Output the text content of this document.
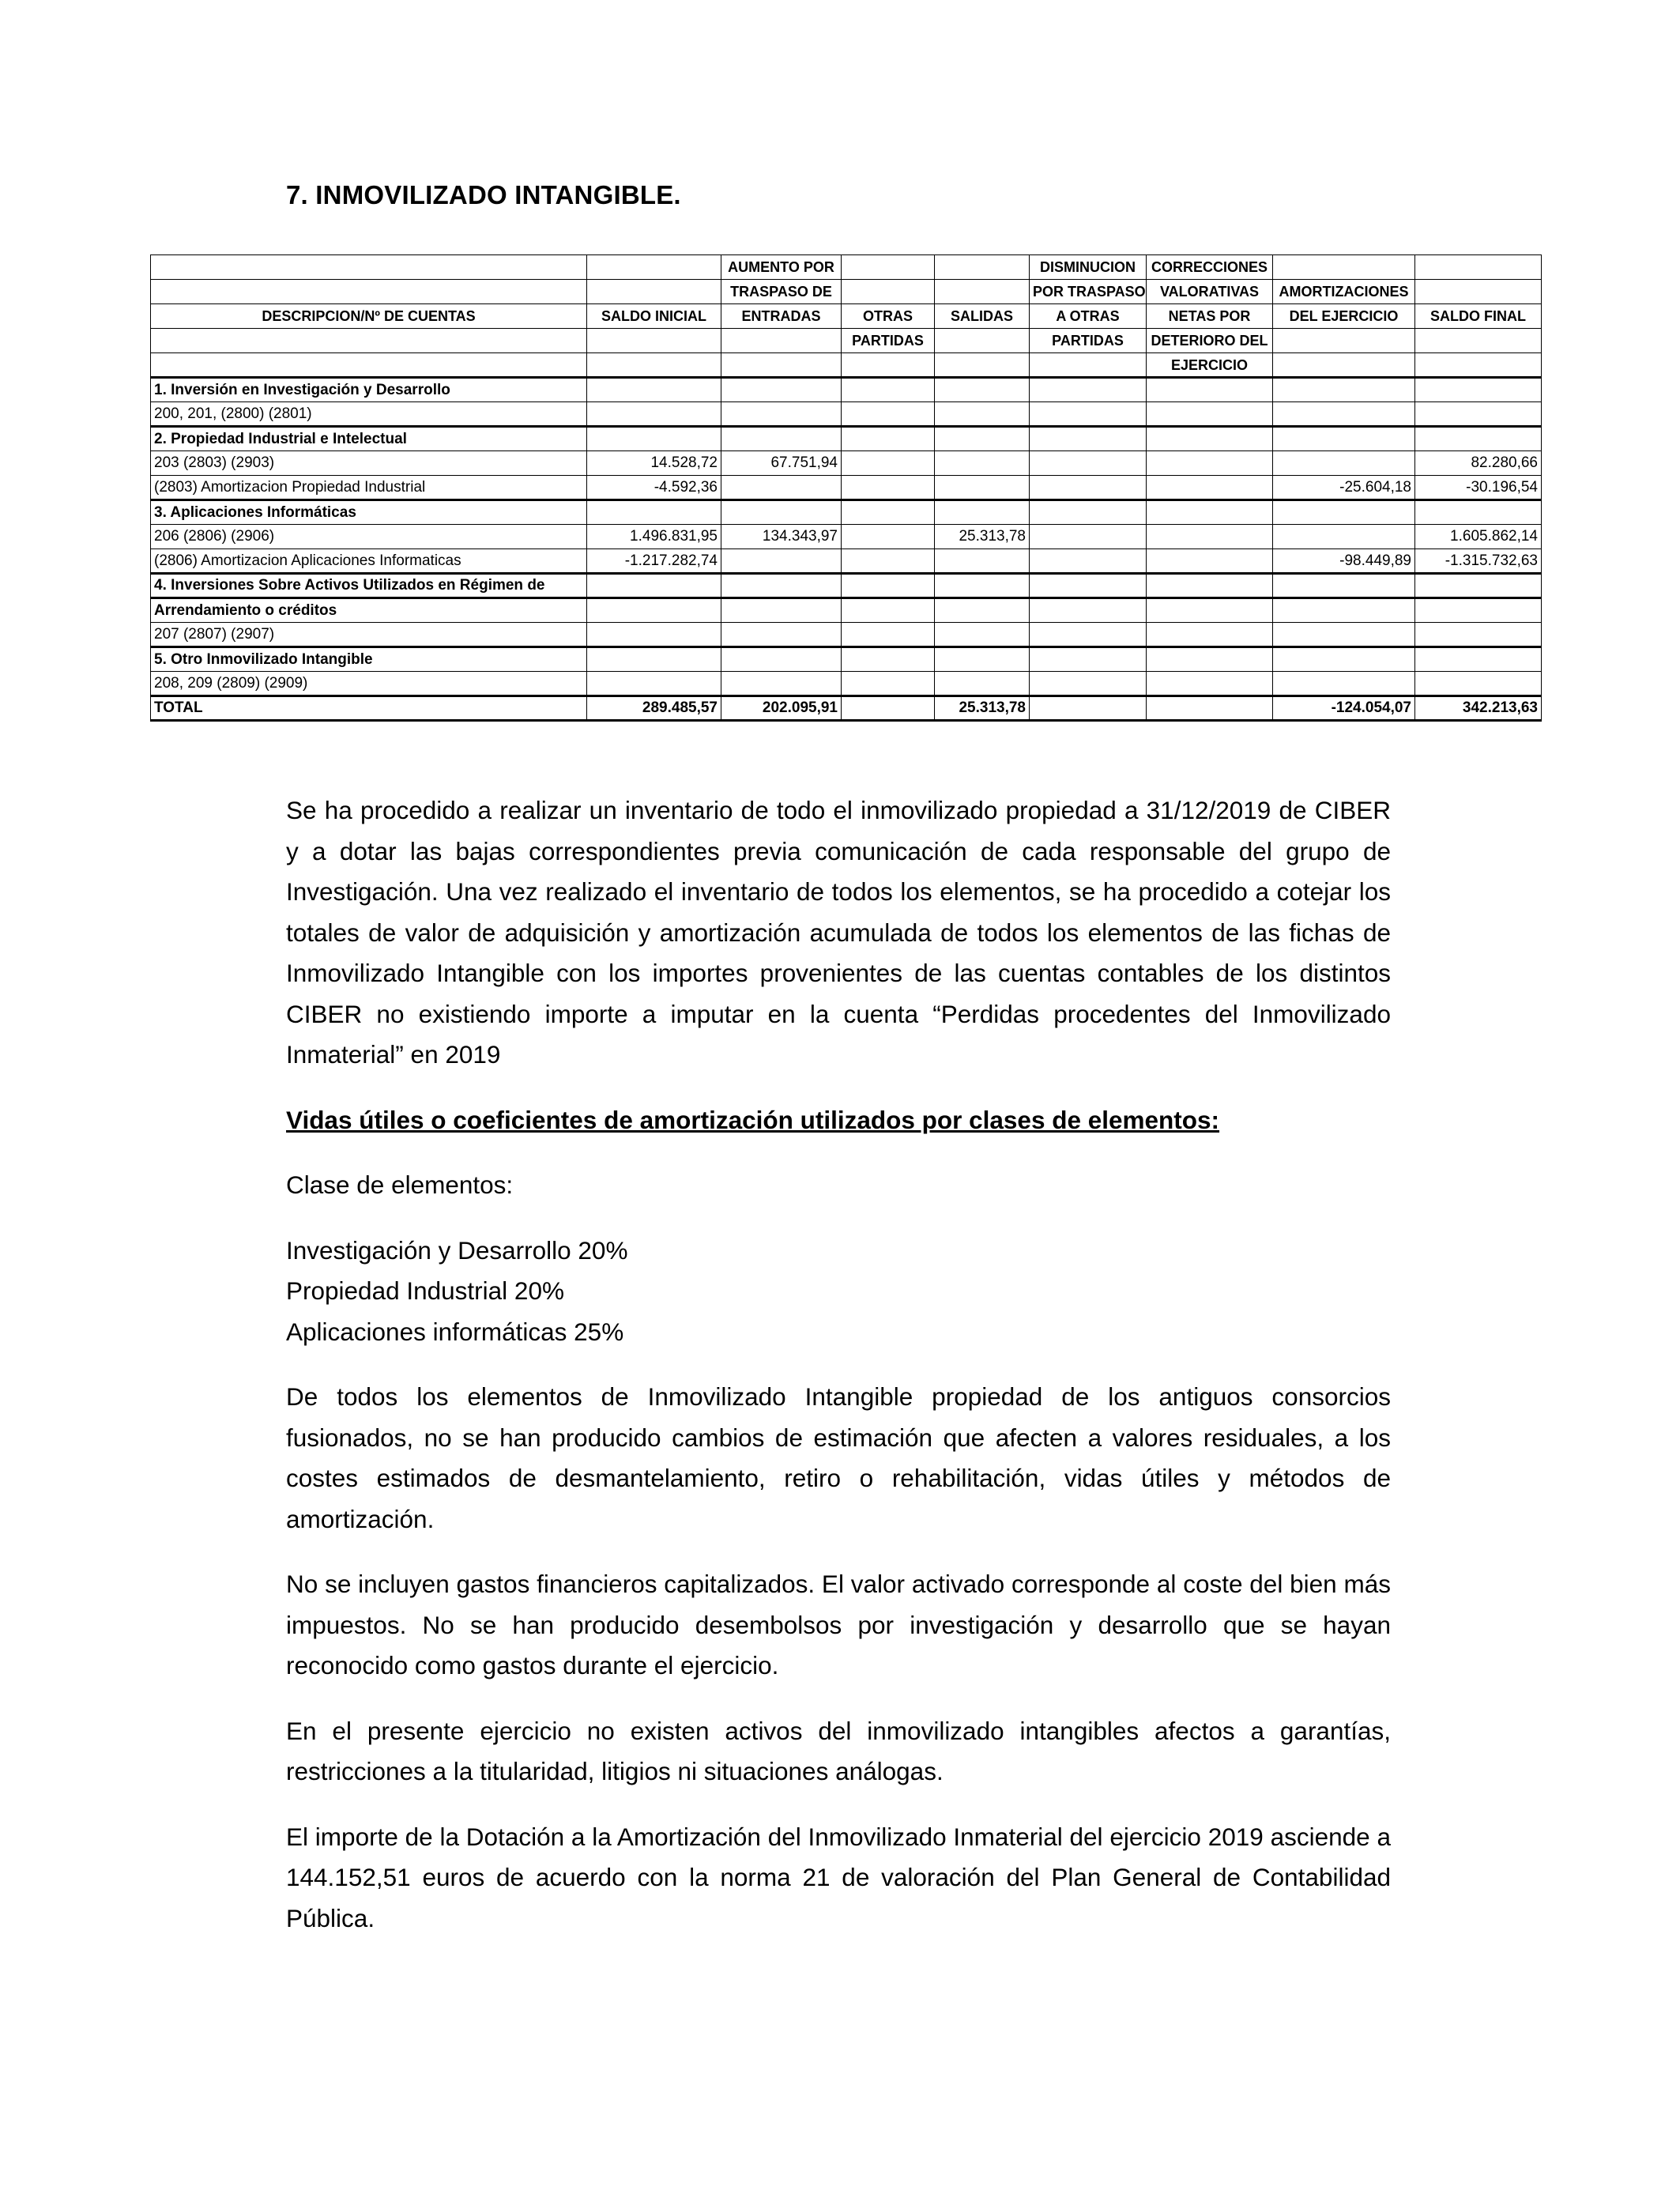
7. INMOVILIZADO INTANGIBLE.
		AUMENTO POR			DISMINUCION	CORRECCIONES		
		TRASPASO DE			POR TRASPASO	VALORATIVAS	AMORTIZACIONES	
DESCRIPCION/Nº DE CUENTAS	SALDO INICIAL	ENTRADAS	OTRAS	SALIDAS	A OTRAS	NETAS POR	DEL EJERCICIO	SALDO FINAL
			PARTIDAS		PARTIDAS	DETERIORO DEL		
						EJERCICIO		
1. Inversión en Investigación y Desarrollo								
200, 201, (2800) (2801)								
2. Propiedad Industrial e Intelectual								
203 (2803) (2903)	14.528,72	67.751,94						82.280,66
(2803) Amortizacion Propiedad Industrial	-4.592,36						-25.604,18	-30.196,54
3. Aplicaciones Informáticas								
206 (2806) (2906)	1.496.831,95	134.343,97		25.313,78				1.605.862,14
(2806) Amortizacion Aplicaciones Informaticas	-1.217.282,74						-98.449,89	-1.315.732,63
4. Inversiones Sobre Activos Utilizados en Régimen de								
Arrendamiento o créditos								
207 (2807) (2907)								
5. Otro Inmovilizado Intangible								
208, 209 (2809) (2909)								
TOTAL	289.485,57	202.095,91		25.313,78			-124.054,07	342.213,63

Se ha procedido a realizar un inventario de todo el inmovilizado propiedad a 31/12/2019 de CIBER y a dotar las bajas correspondientes previa comunicación de cada responsable del grupo de Investigación. Una vez realizado el inventario de todos los elementos, se ha procedido a cotejar los totales de valor de adquisición y amortización acumulada de todos los elementos de las fichas de Inmovilizado Intangible con los importes provenientes de las cuentas contables de los distintos CIBER no existiendo importe a imputar en la cuenta “Perdidas procedentes del Inmovilizado Inmaterial” en 2019

Vidas útiles o coeficientes de amortización utilizados por clases de elementos:

Clase de elementos:

Investigación y Desarrollo 20%
Propiedad Industrial 20%
Aplicaciones informáticas 25%

De todos los elementos de Inmovilizado Intangible propiedad de los antiguos consorcios fusionados, no se han producido cambios de estimación que afecten a valores residuales, a los costes estimados de desmantelamiento, retiro o rehabilitación, vidas útiles y métodos de amortización.

No se incluyen gastos financieros capitalizados. El valor activado corresponde al coste del bien más impuestos. No se han producido desembolsos por investigación y desarrollo que se hayan reconocido como gastos durante el ejercicio.

En el presente ejercicio no existen activos del inmovilizado intangibles afectos a garantías, restricciones a la titularidad, litigios ni situaciones análogas.

El importe de la Dotación a la Amortización del Inmovilizado Inmaterial del ejercicio 2019 asciende a 144.152,51 euros de acuerdo con la norma 21 de valoración del Plan General de Contabilidad Pública.
